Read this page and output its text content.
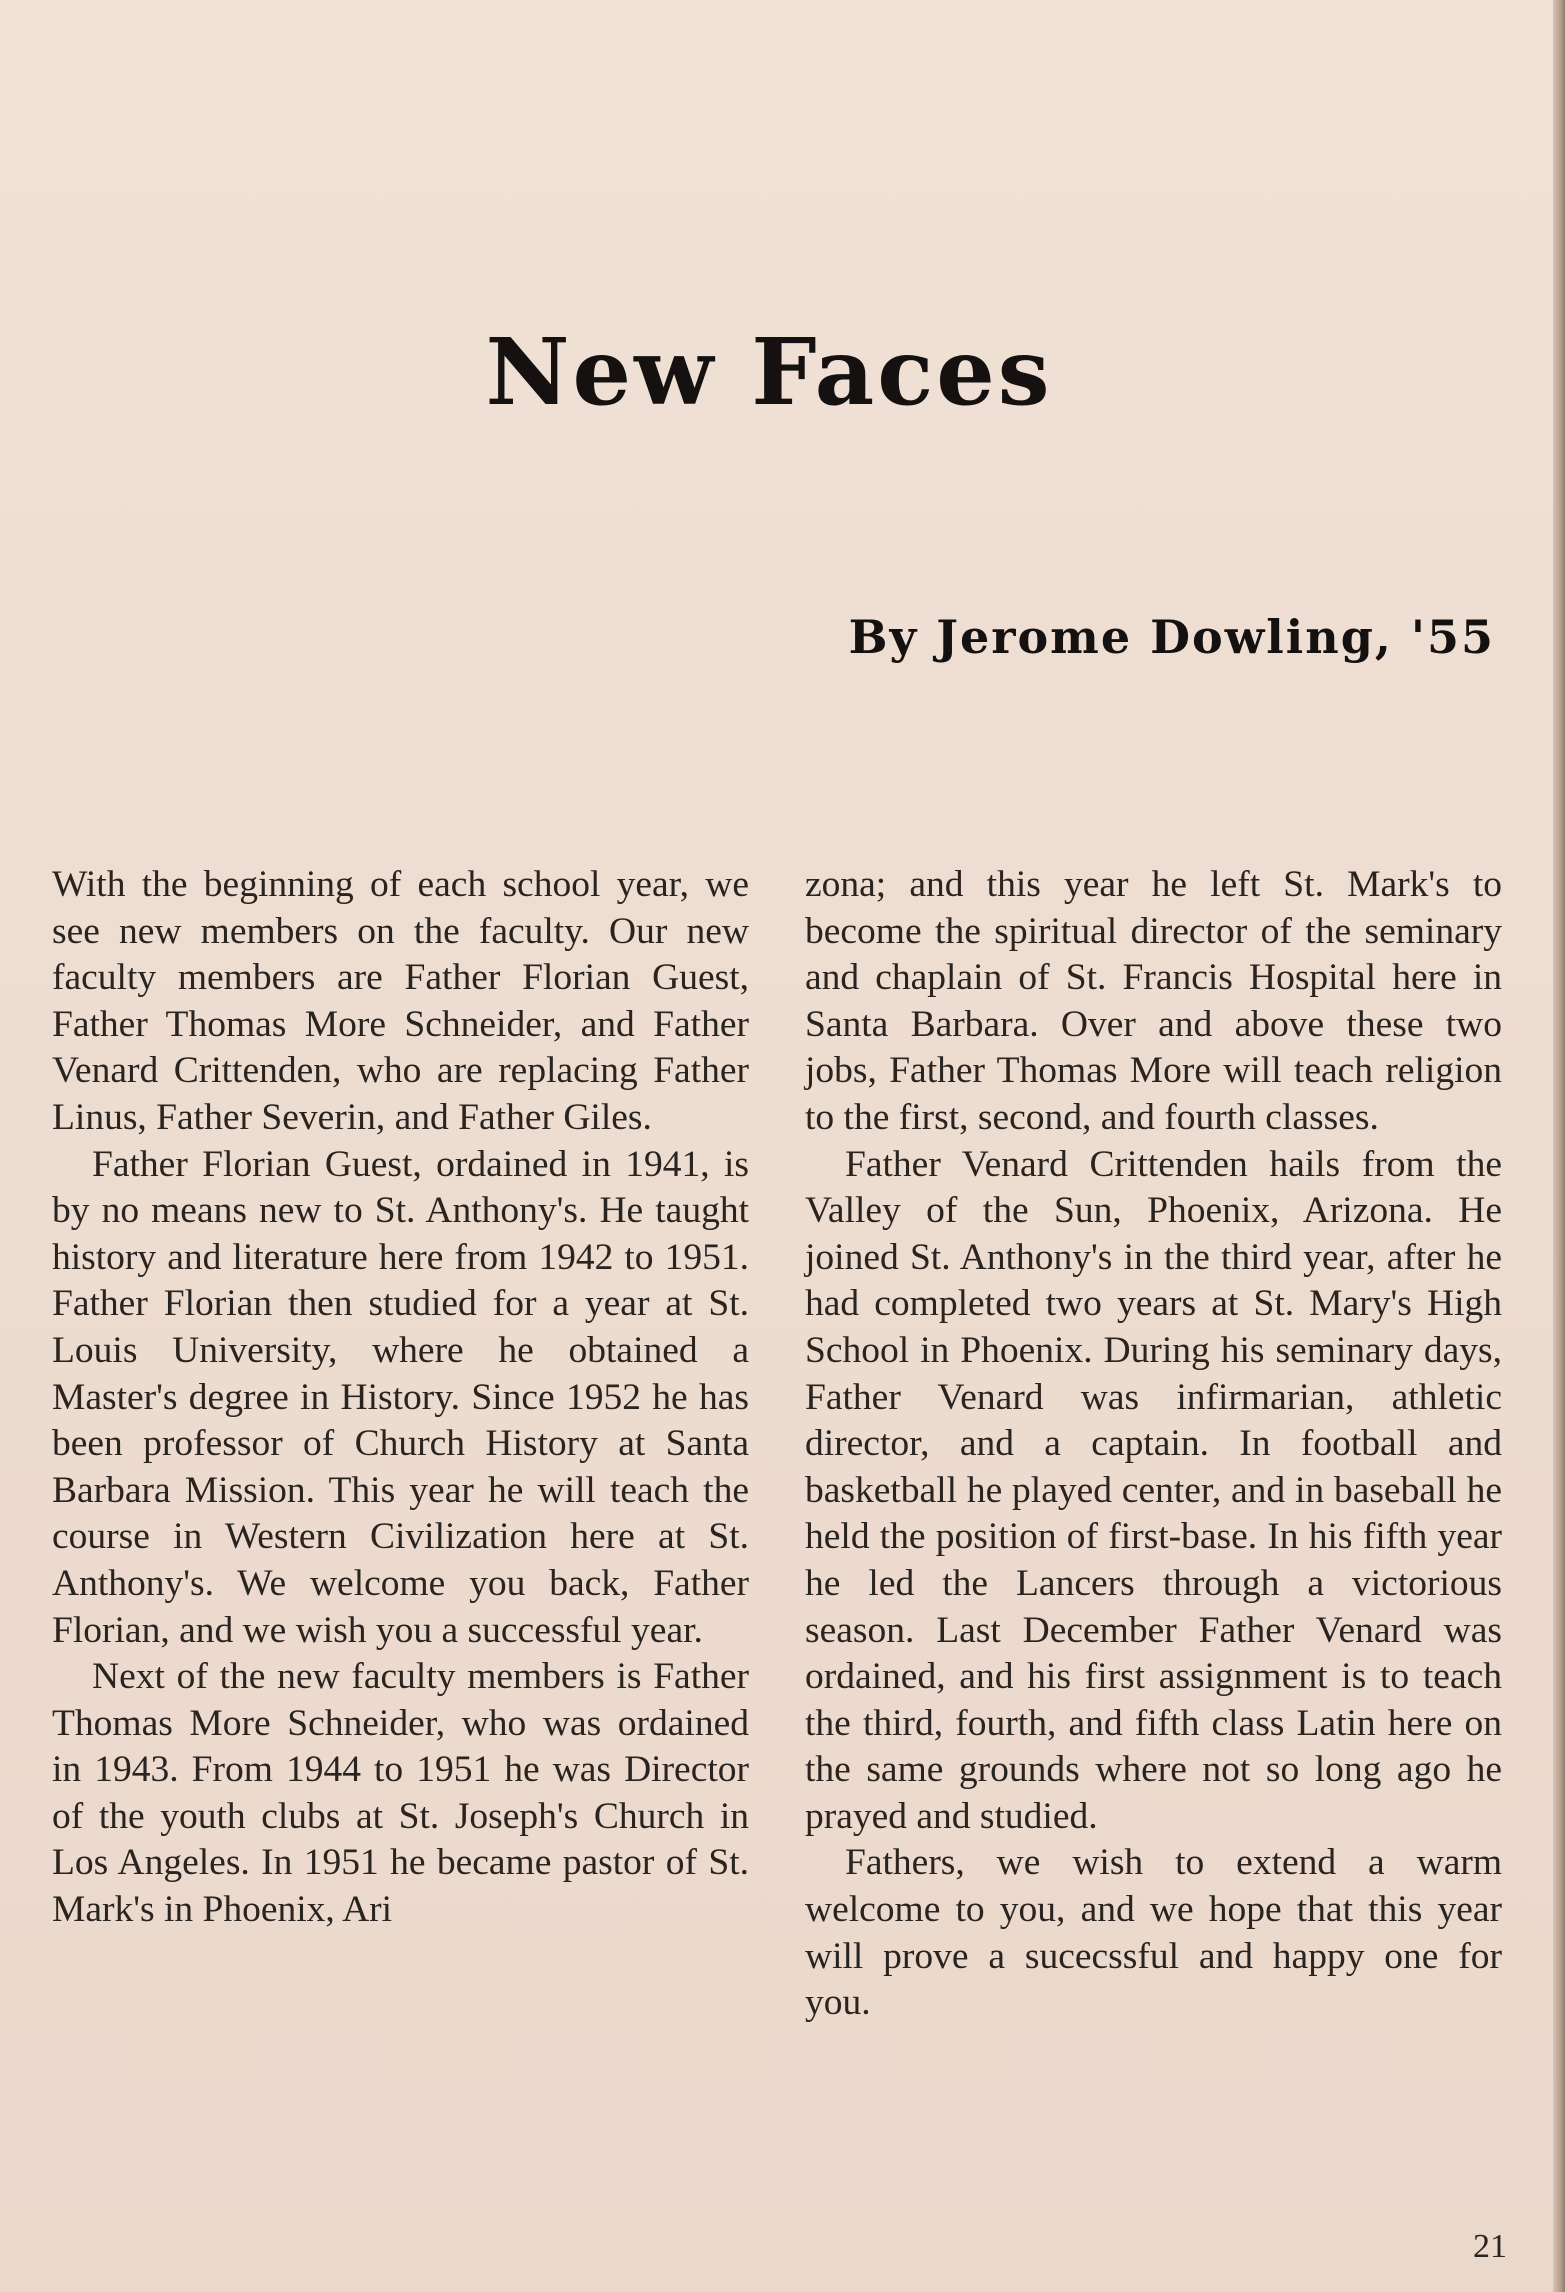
New Faces
By Jerome Dowling, '55

With the beginning of each school year, we see new members on the faculty. Our new faculty members are Father Florian Guest, Father Thomas More Schneider, and Father Venard Crittenden, who are replacing Father Linus, Father Severin, and Father Giles.

Father Florian Guest, ordained in 1941, is by no means new to St. Anthony's. He taught history and literature here from 1942 to 1951. Father Florian then studied for a year at St. Louis University, where he obtained a Master's degree in History. Since 1952 he has been professor of Church History at Santa Barbara Mission. This year he will teach the course in Western Civilization here at St. Anthony's. We welcome you back, Father Florian, and we wish you a successful year.

Next of the new faculty members is Father Thomas More Schneider, who was ordained in 1943. From 1944 to 1951 he was Director of the youth clubs at St. Joseph's Church in Los Angeles. In 1951 he became pastor of St. Mark's in Phoenix, Ari

zona; and this year he left St. Mark's to become the spiritual director of the seminary and chaplain of St. Francis Hospital here in Santa Barbara. Over and above these two jobs, Father Thomas More will teach religion to the first, second, and fourth classes.

Father Venard Crittenden hails from the Valley of the Sun, Phoenix, Arizona. He joined St. Anthony's in the third year, after he had completed two years at St. Mary's High School in Phoenix. During his seminary days, Father Venard was infirmarian, athletic director, and a captain. In football and basketball he played center, and in baseball he held the position of first-base. In his fifth year he led the Lancers through a victorious season. Last December Father Venard was ordained, and his first assignment is to teach the third, fourth, and fifth class Latin here on the same grounds where not so long ago he prayed and studied.

Fathers, we wish to extend a warm welcome to you, and we hope that this year will prove a sucecssful and happy one for you.

21
